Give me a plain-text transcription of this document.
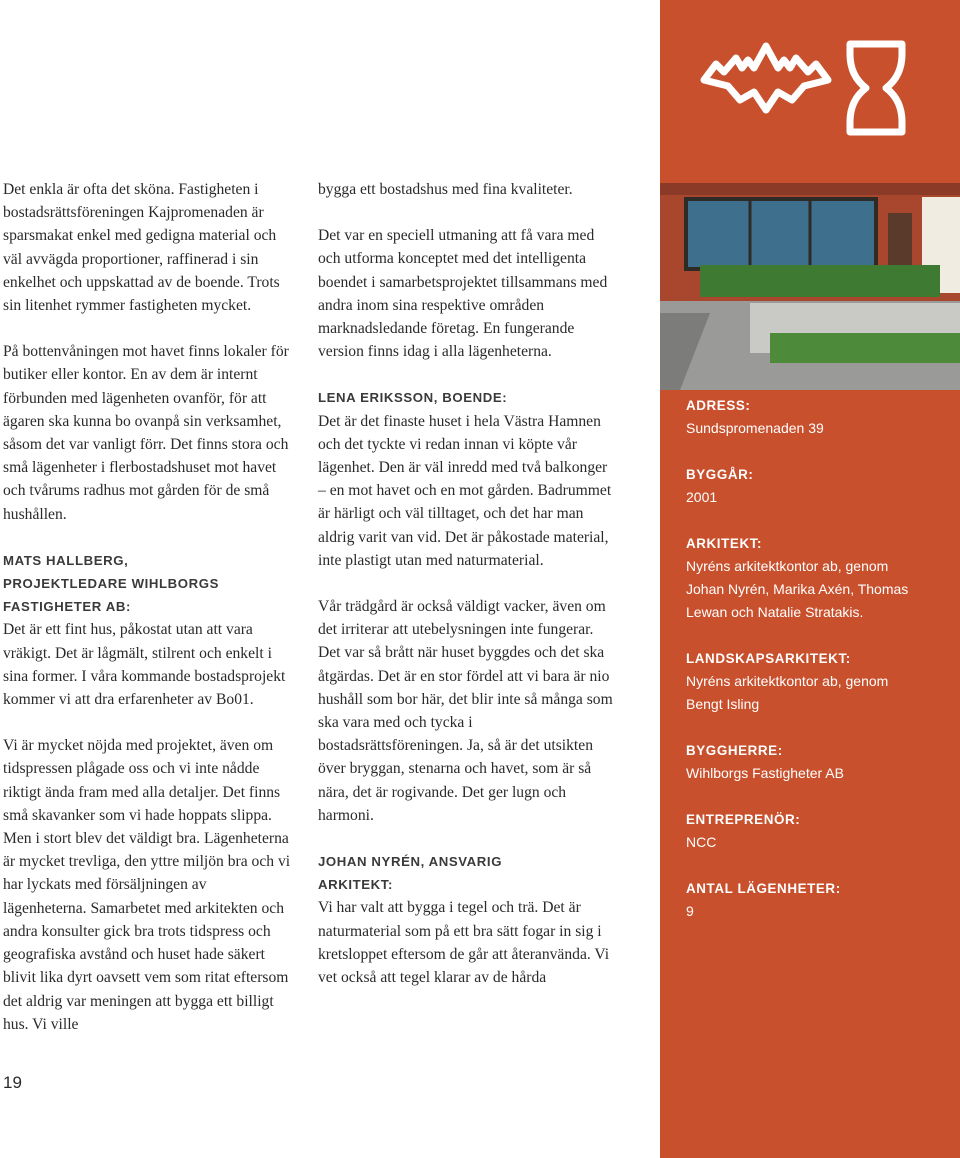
Det enkla är ofta det sköna. Fastigheten i bostadsrättsföreningen Kajpromenaden är sparsmakat enkel med gedigna material och väl avvägda proportioner, raffinerad i sin enkelhet och uppskattad av de boende. Trots sin litenhet rymmer fastigheten mycket.

På bottenvåningen mot havet finns lokaler för butiker eller kontor. En av dem är internt förbunden med lägenheten ovanför, för att ägaren ska kunna bo ovanpå sin verksamhet, såsom det var vanligt förr. Det finns stora och små lägenheter i flerbostadshuset mot havet och tvårums radhus mot gården för de små hushållen.

MATS HALLBERG, PROJEKTLEDARE WIHLBORGS FASTIGHETER AB:

Det är ett fint hus, påkostat utan att vara vräkigt. Det är lågmält, stilrent och enkelt i sina former. I våra kommande bostadsprojekt kommer vi att dra erfarenheter av Bo01.

Vi är mycket nöjda med projektet, även om tidspressen plågade oss och vi inte nådde riktigt ända fram med alla detaljer. Det finns små skavanker som vi hade hoppats slippa. Men i stort blev det väldigt bra. Lägenheterna är mycket trevliga, den yttre miljön bra och vi har lyckats med försäljningen av lägenheterna. Samarbetet med arkitekten och andra konsulter gick bra trots tidspress och geografiska avstånd och huset hade säkert blivit lika dyrt oavsett vem som ritat eftersom det aldrig var meningen att bygga ett billigt hus. Vi ville

bygga ett bostadshus med fina kvaliteter.

Det var en speciell utmaning att få vara med och utforma konceptet med det intelligenta boendet i samarbetsprojektet tillsammans med andra inom sina respektive områden marknadsledande företag. En fungerande version finns idag i alla lägenheterna.

LENA ERIKSSON, BOENDE:

Det är det finaste huset i hela Västra Hamnen och det tyckte vi redan innan vi köpte vår lägenhet. Den är väl inredd med två balkonger – en mot havet och en mot gården. Badrummet är härligt och väl tilltaget, och det har man aldrig varit van vid. Det är påkostade material, inte plastigt utan med naturmaterial.

Vår trädgård är också väldigt vacker, även om det irriterar att utebelysningen inte fungerar. Det var så brått när huset byggdes och det ska åtgärdas. Det är en stor fördel att vi bara är nio hushåll som bor här, det blir inte så många som ska vara med och tycka i bostadsrättsföreningen. Ja, så är det utsikten över bryggan, stenarna och havet, som är så nära, det är rogivande. Det ger lugn och harmoni.

JOHAN NYRÉN, ANSVARIG ARKITEKT:

Vi har valt att bygga i tegel och trä. Det är naturmaterial som på ett bra sätt fogar in sig i kretsloppet eftersom de går att återanvända. Vi vet också att tegel klarar av de hårda

19
ADRESS:
Sundspromenaden 39
BYGGÅR:
2001
ARKITEKT:
Nyréns arkitektkontor ab, genom Johan Nyrén, Marika Axén, Thomas Lewan och Natalie Stratakis.
LANDSKAPSARKITEKT:
Nyréns arkitektkontor ab, genom Bengt Isling
BYGGHERRE:
Wihlborgs Fastigheter AB
ENTREPRENÖR:
NCC
ANTAL LÄGENHETER:
9
